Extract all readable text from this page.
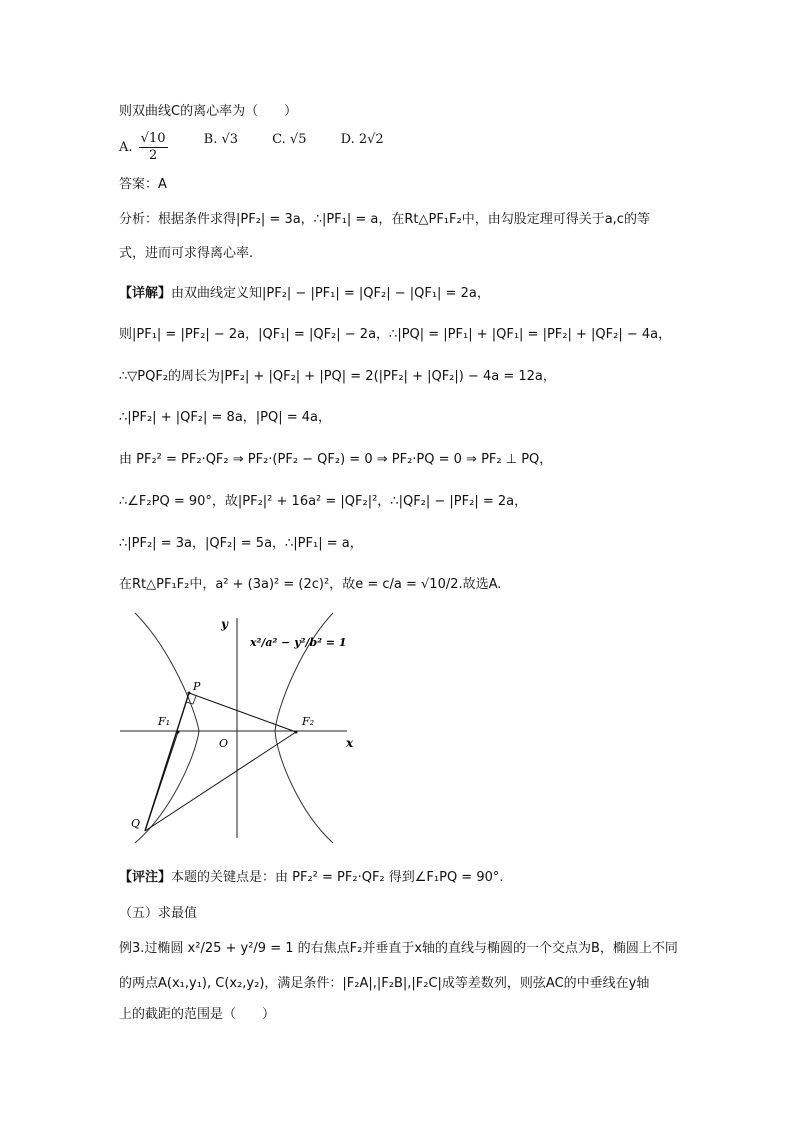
则双曲线C的离心率为（　　）
A. $\frac{√10}{2}$	B. √3	C. √5	D. 2√2
答案：A
分析：根据条件求得|PF₂| = 3a，∴|PF₁| = a，在Rt△PF₁F₂中，由勾股定理可得关于a,c的等
式，进而可求得离心率.
【详解】由双曲线定义知|PF₂| − |PF₁| = |QF₂| − |QF₁| = 2a，
则|PF₁| = |PF₂| − 2a，|QF₁| = |QF₂| − 2a，∴|PQ| = |PF₁| + |QF₁| = |PF₂| + |QF₂| − 4a，
∴▽PQF₂的周长为|PF₂| + |QF₂| + |PQ| = 2(|PF₂| + |QF₂|) − 4a = 12a，
∴|PF₂| + |QF₂| = 8a，|PQ| = 4a，
由 PF₂² = PF₂·QF₂ ⇒ PF₂·(PF₂ − QF₂) = 0 ⇒ PF₂·PQ = 0 ⇒ PF₂ ⊥ PQ，
∴∠F₂PQ = 90°，故|PF₂|² + 16a² = |QF₂|²，∴|QF₂| − |PF₂| = 2a，
∴|PF₂| = 3a，|QF₂| = 5a，∴|PF₁| = a，
在Rt△PF₁F₂中，a² + (3a)² = (2c)²，故e = c/a = √10/2.故选A.
y
x
O
P
Q
F₁	F₂
x²/a² − y²/b² = 1
【评注】本题的关键点是：由 PF₂² = PF₂·QF₂ 得到∠F₁PQ = 90°.
（五）求最值
例3.过椭圆 x²/25 + y²/9 = 1 的右焦点F₂并垂直于x轴的直线与椭圆的一个交点为B，椭圆上不同
的两点A(x₁,y₁), C(x₂,y₂)，满足条件：|F₂A|,|F₂B|,|F₂C|成等差数列，则弦AC的中垂线在y轴
上的截距的范围是（　　）
